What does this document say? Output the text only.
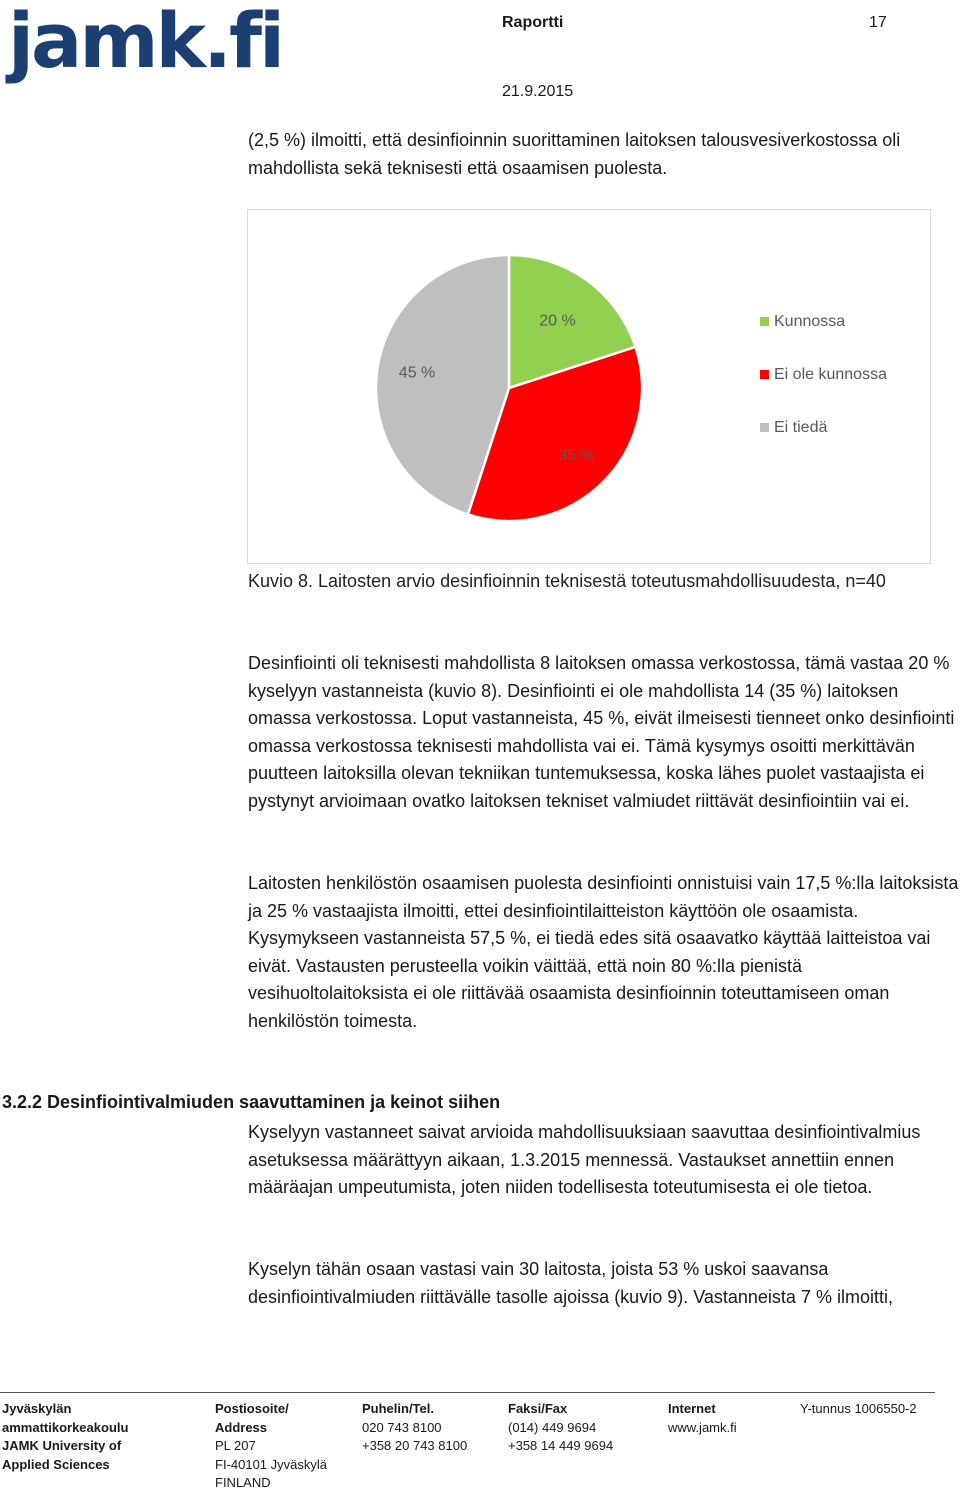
jamk.fi	Raportti	17
21.9.2015

(2,5 %) ilmoitti, että desinfioinnin suorittaminen laitoksen talousvesiverkostossa oli mahdollista sekä teknisesti että osaamisen puolesta.

20 %
35 %
45 %
Kunnossa
Ei ole kunnossa
Ei tiedä
Kuvio 8. Laitosten arvio desinfioinnin teknisestä toteutusmahdollisuudesta, n=40

Desinfiointi oli teknisesti mahdollista 8 laitoksen omassa verkostossa, tämä vastaa 20 % kyselyyn vastanneista (kuvio 8). Desinfiointi ei ole mahdollista 14 (35 %) laitoksen omassa verkostossa. Loput vastanneista, 45 %, eivät ilmeisesti tienneet onko desinfiointi omassa verkostossa teknisesti mahdollista vai ei. Tämä kysymys osoitti merkittävän puutteen laitoksilla olevan tekniikan tuntemuksessa, koska lähes puolet vastaajista ei pystynyt arvioimaan ovatko laitoksen tekniset valmiudet riittävät desinfiointiin vai ei.

Laitosten henkilöstön osaamisen puolesta desinfiointi onnistuisi vain 17,5 %:lla laitoksista ja 25 % vastaajista ilmoitti, ettei desinfiointilaitteiston käyttöön ole osaamista. Kysymykseen vastanneista 57,5 %, ei tiedä edes sitä osaavatko käyttää laitteistoa vai eivät. Vastausten perusteella voikin väittää, että noin 80 %:lla pienistä vesihuoltolaitoksista ei ole riittävää osaamista desinfioinnin toteuttamiseen oman henkilöstön toimesta.

3.2.2 Desinfiointivalmiuden saavuttaminen ja keinot siihen

Kyselyyn vastanneet saivat arvioida mahdollisuuksiaan saavuttaa desinfiointivalmius asetuksessa määrättyyn aikaan, 1.3.2015 mennessä. Vastaukset annettiin ennen määräajan umpeutumista, joten niiden todellisesta toteutumisesta ei ole tietoa.

Kyselyn tähän osaan vastasi vain 30 laitosta, joista 53 % uskoi saavansa desinfiointivalmiuden riittävälle tasolle ajoissa (kuvio 9). Vastanneista 7 % ilmoitti,

Jyväskylän
ammattikorkeakoulu
JAMK University of
Applied Sciences
Postiosoite/
Address
PL 207
FI-40101 Jyväskylä
FINLAND
Puhelin/Tel.
020 743 8100
+358 20 743 8100
Faksi/Fax
(014) 449 9694
+358 14 449 9694
Internet
www.jamk.fi
Y-tunnus 1006550-2
